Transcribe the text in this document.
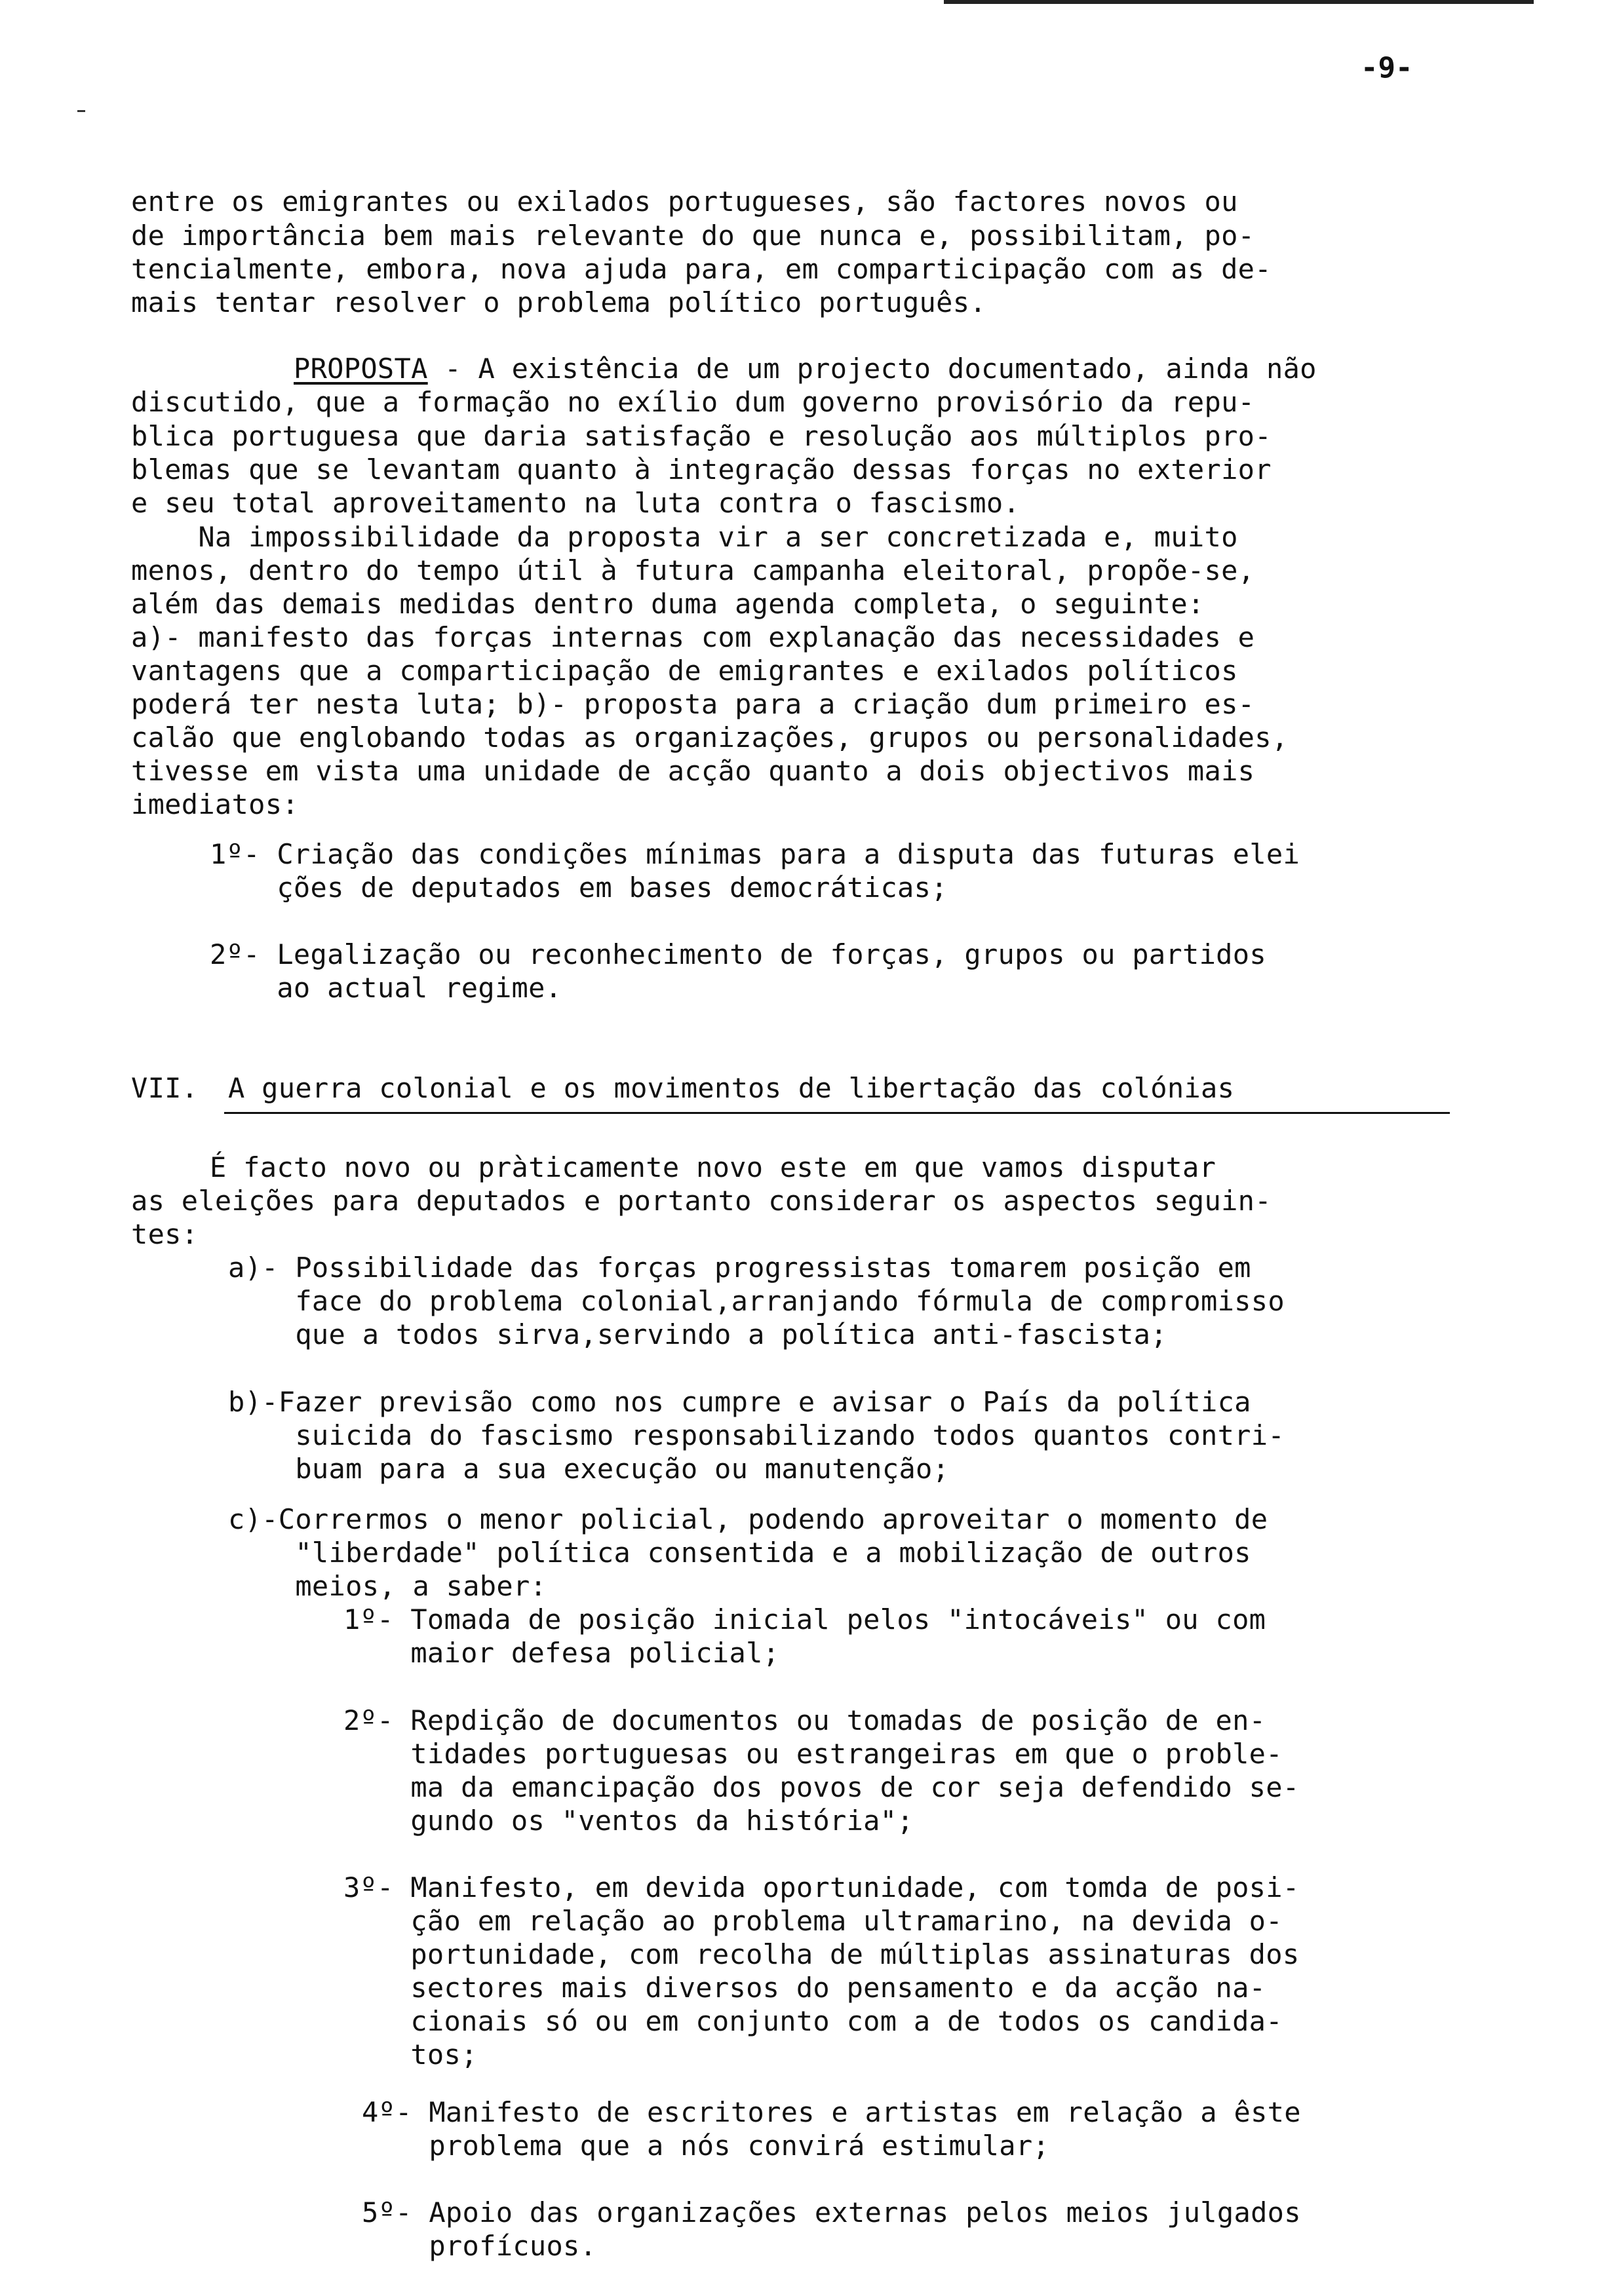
-9-
entre os emigrantes ou exilados portugueses, são factores novos ou
de importância bem mais relevante do que nunca e, possibilitam, po-
tencialmente, embora, nova ajuda para, em comparticipação com as de-
mais tentar resolver o problema político português.
PROPOSTA - A existência de um projecto documentado, ainda não
discutido, que a formação no exílio dum governo provisório da repu-
blica portuguesa que daria satisfação e resolução aos múltiplos pro-
blemas que se levantam quanto à integração dessas forças no exterior
e seu total aproveitamento na luta contra o fascismo.
Na impossibilidade da proposta vir a ser concretizada e, muito
menos, dentro do tempo útil à futura campanha eleitoral, propõe-se,
além das demais medidas dentro duma agenda completa, o seguinte:
a)- manifesto das forças internas com explanação das necessidades e
vantagens que a comparticipação de emigrantes e exilados políticos
poderá ter nesta luta; b)- proposta para a criação dum primeiro es-
calão que englobando todas as organizações, grupos ou personalidades,
tivesse em vista uma unidade de acção quanto a dois objectivos mais
imediatos:
1º- Criação das condições mínimas para a disputa das futuras elei
ções de deputados em bases democráticas;
2º- Legalização ou reconhecimento de forças, grupos ou partidos
ao actual regime.
VII. A guerra colonial e os movimentos de libertação das colónias
É facto novo ou pràticamente novo este em que vamos disputar
as eleições para deputados e portanto considerar os aspectos seguin-
tes:
a)- Possibilidade das forças progressistas tomarem posição em
face do problema colonial,arranjando fórmula de compromisso
que a todos sirva,servindo a política anti-fascista;
b)-Fazer previsão como nos cumpre e avisar o País da política
suicida do fascismo responsabilizando todos quantos contri-
buam para a sua execução ou manutenção;
c)-Corrermos o menor policial, podendo aproveitar o momento de
"liberdade" política consentida e a mobilização de outros
meios, a saber:
1º- Tomada de posição inicial pelos "intocáveis" ou com
maior defesa policial;
2º- Repdição de documentos ou tomadas de posição de en-
tidades portuguesas ou estrangeiras em que o proble-
ma da emancipação dos povos de cor seja defendido se-
gundo os "ventos da história";
3º- Manifesto, em devida oportunidade, com tomda de posi-
ção em relação ao problema ultramarino, na devida o-
portunidade, com recolha de múltiplas assinaturas dos
sectores mais diversos do pensamento e da acção na-
cionais só ou em conjunto com a de todos os candida-
tos;
4º- Manifesto de escritores e artistas em relação a êste
problema que a nós convirá estimular;
5º- Apoio das organizações externas pelos meios julgados
profícuos.
